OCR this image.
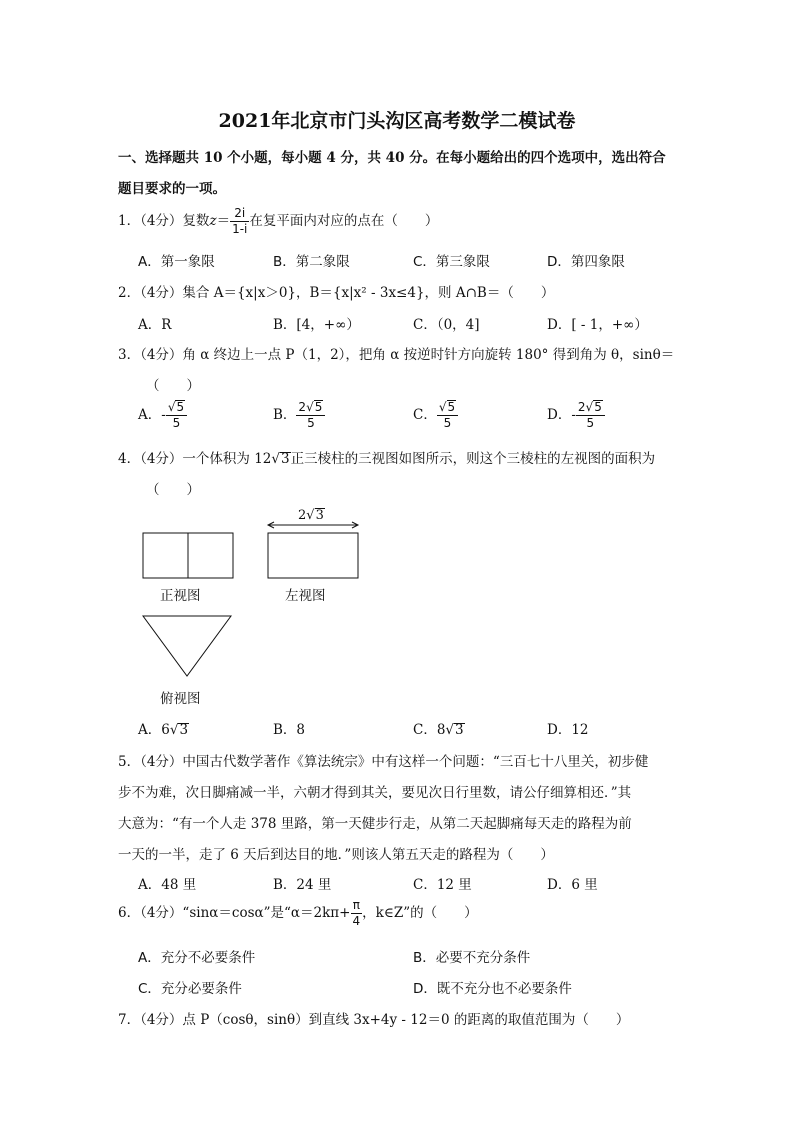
2021年北京市门头沟区高考数学二模试卷
一、选择题共 10 个小题，每小题 4 分，共 40 分。在每小题给出的四个选项中，选出符合
题目要求的一项。
1．（4分）复数$z= \frac{2i}{1-i}$ 在复平面内对应的点在（　　）
A．第一象限	B．第二象限	C．第三象限	D．第四象限
2．（4分）集合 A＝{x|x＞0}，B＝{x|x² - 3x≤4}，则 A∩B＝（　　）
A．R	B．[4，+∞）	C．（0，4]	D．[ - 1，+∞）
3．（4分）角 α 终边上一点 P（1，2），把角 α 按逆时针方向旋转 180° 得到角为 θ，sinθ＝
（　　）
A．- $\frac{√5}{5}$	B． $\frac{2√5}{5}$	C． $\frac{√5}{5}$	D．- $\frac{2√5}{5}$
4．（4分）一个体积为 12√3正三棱柱的三视图如图所示，则这个三棱柱的左视图的面积为
（　　）
2√3
正视图	左视图
俯视图
A．6√3	B．8	C．8√3	D．12
5．（4分）中国古代数学著作《算法统宗》中有这样一个问题：“三百七十八里关，初步健
步不为难，次日脚痛减一半，六朝才得到其关，要见次日行里数，请公仔细算相还．”其
大意为：“有一个人走 378 里路，第一天健步行走，从第二天起脚痛每天走的路程为前
一天的一半，走了 6 天后到达目的地．”则该人第五天走的路程为（　　）
A．48 里	B．24 里	C．12 里	D．6 里
6．（4分）“sinα＝cosα”是“$\alpha=2k\pi+ \frac{\pi}{4}$ ，k∈Z”的（　　）
A．充分不必要条件	B．必要不充分条件
C．充分必要条件	D．既不充分也不必要条件
7．（4分）点 P（cosθ，sinθ）到直线 3x+4y - 12＝0 的距离的取值范围为（　　）
